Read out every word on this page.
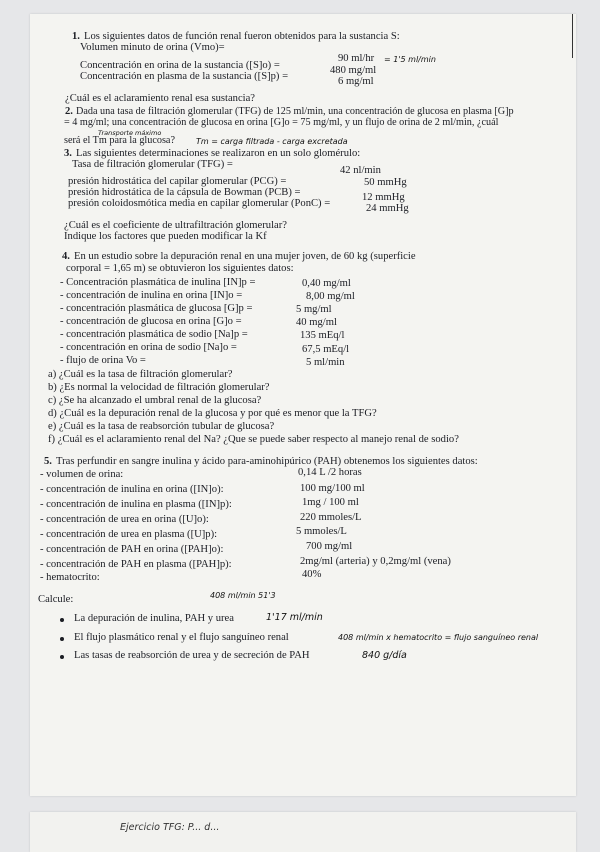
Ejercicio TFG: P... d...
1. Los siguientes datos de función renal fueron obtenidos para la sustancia S:
Volumen minuto de orina (Vmo)=
90 ml/hr = 1'5 ml/min
Concentración en orina de la sustancia ([S]o) =	480 mg/ml
Concentración en plasma de la sustancia ([S]p) =	6 mg/ml
¿Cuál es el aclaramiento renal esa sustancia?
2. Dada una tasa de filtración glomerular (TFG) de 125 ml/min, una concentración de glucosa en plasma [G]p
= 4 mg/ml; una concentración de glucosa en orina [G]o = 75 mg/ml, y un flujo de orina de 2 ml/min, ¿cuál
Transporte máximo
será el Tm para la glucosa?	Tm = carga filtrada - carga excretada
3. Las siguientes determinaciones se realizaron en un solo glomérulo:
Tasa de filtración glomerular (TFG) =
42 nl/min
presión hidrostática del capilar glomerular (PCG) =	50 mmHg
presión hidrostática de la cápsula de Bowman (PCB) =	12 mmHg
presión coloidosmótica media en capilar glomerular (PonC) =	24 mmHg
¿Cuál es el coeficiente de ultrafiltración glomerular?
Indique los factores que pueden modificar la Kf
4. En un estudio sobre la depuración renal en una mujer joven, de 60 kg (superficie
corporal = 1,65 m) se obtuvieron los siguientes datos:
- Concentración plasmática de inulina [IN]p =	0,40 mg/ml
- concentración de inulina en orina [IN]o =	8,00 mg/ml
- concentración plasmática de glucosa [G]p =	5 mg/ml
- concentración de glucosa en orina [G]o =	40 mg/ml
- concentración plasmática de sodio [Na]p =	135 mEq/l
- concentración en orina de sodio [Na]o =	67,5 mEq/l
- flujo de orina Vo =	5 ml/min
a) ¿Cuál es la tasa de filtración glomerular?
b) ¿Es normal la velocidad de filtración glomerular?
c) ¿Se ha alcanzado el umbral renal de la glucosa?
d) ¿Cuál es la depuración renal de la glucosa y por qué es menor que la TFG?
e) ¿Cuál es la tasa de reabsorción tubular de glucosa?
f) ¿Cuál es el aclaramiento renal del Na? ¿Que se puede saber respecto al manejo renal de sodio?
5. Tras perfundir en sangre inulina y ácido para-aminohipúrico (PAH) obtenemos los siguientes datos:
- volumen de orina:	0,14 L /2 horas
- concentración de inulina en orina ([IN]o):	100 mg/100 ml
- concentración de inulina en plasma ([IN]p):	1mg / 100 ml
- concentración de urea en orina ([U]o):	220 mmoles/L
- concentración de urea en plasma ([U]p):	5 mmoles/L
- concentración de PAH en orina ([PAH]o):	700 mg/ml
- concentración de PAH en plasma ([PAH]p):	2mg/ml (arteria) y 0,2mg/ml (vena)
- hematocrito:	40%
408 ml/min 51'3
Calcule:
La depuración de inulina, PAH y urea	1'17 ml/min
El flujo plasmático renal y el flujo sanguíneo renal	408 ml/min x hematocrito = flujo sanguíneo renal
Las tasas de reabsorción de urea y de secreción de PAH	840 g/día
